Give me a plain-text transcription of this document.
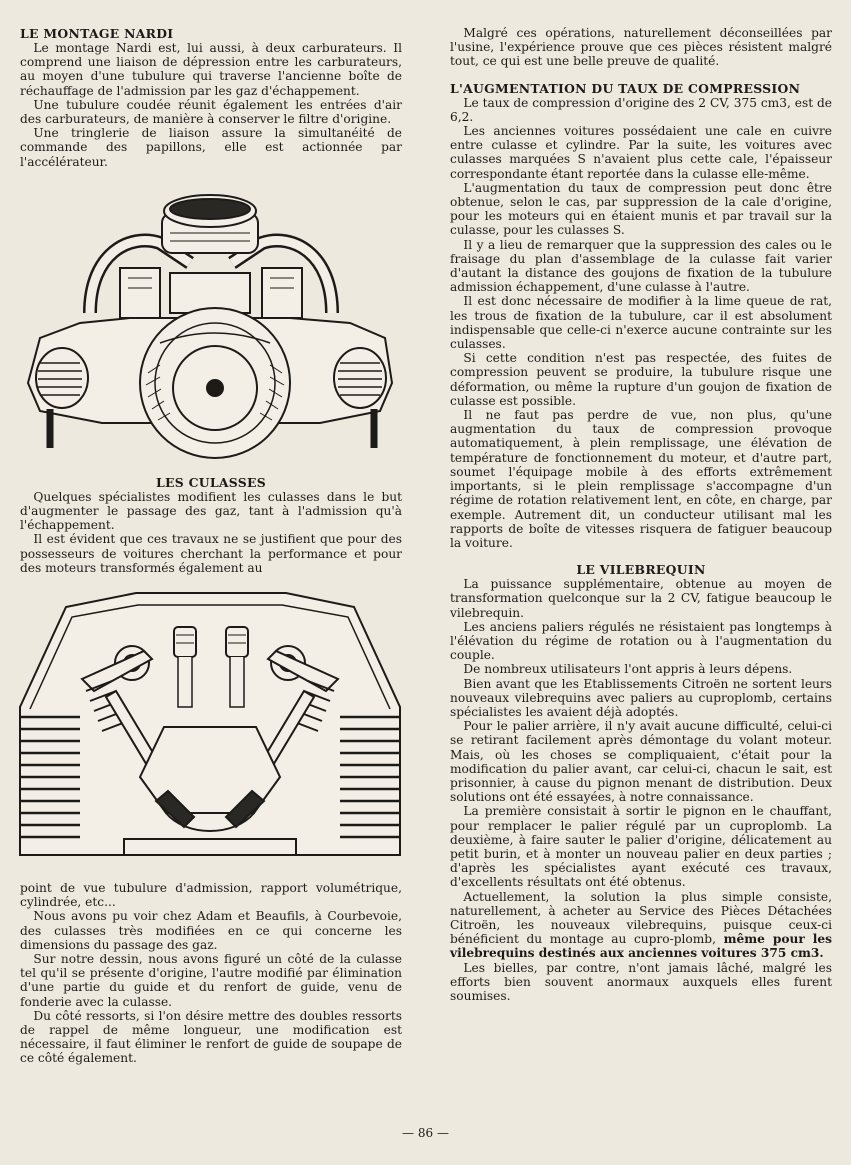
LE MONTAGE NARDI

Le montage Nardi est, lui aussi, à deux carburateurs. Il comprend une liaison de dépression entre les carburateurs, au moyen d'une tubulure qui traverse l'ancienne boîte de réchauffage de l'admission par les gaz d'échappement.

Une tubulure coudée réunit également les entrées d'air des carburateurs, de manière à conserver le filtre d'origine.

Une tringlerie de liaison assure la simultanéité de commande des papillons, elle est actionnée par l'accélérateur.

LES CULASSES

Quelques spécialistes modifient les culasses dans le but d'augmenter le passage des gaz, tant à l'admission qu'à l'échappement.

Il est évident que ces travaux ne se justifient que pour des possesseurs de voitures cherchant la performance et pour des moteurs transformés également au

point de vue tubulure d'admission, rapport volumétrique, cylindrée, etc...

Nous avons pu voir chez Adam et Beaufils, à Courbevoie, des culasses très modifiées en ce qui concerne les dimensions du passage des gaz.

Sur notre dessin, nous avons figuré un côté de la culasse tel qu'il se présente d'origine, l'autre modifié par élimination d'une partie du guide et du renfort de guide, venu de fonderie avec la culasse.

Du côté ressorts, si l'on désire mettre des doubles ressorts de rappel de même longueur, une modification est nécessaire, il faut éliminer le renfort de guide de soupape de ce côté également.

Malgré ces opérations, naturellement déconseillées par l'usine, l'expérience prouve que ces pièces résistent malgré tout, ce qui est une belle preuve de qualité.

L'AUGMENTATION DU TAUX DE COMPRESSION

Le taux de compression d'origine des 2 CV, 375 cm3, est de 6,2.

Les anciennes voitures possédaient une cale en cuivre entre culasse et cylindre. Par la suite, les voitures avec culasses marquées S n'avaient plus cette cale, l'épaisseur correspondante étant reportée dans la culasse elle-même.

L'augmentation du taux de compression peut donc être obtenue, selon le cas, par suppression de la cale d'origine, pour les moteurs qui en étaient munis et par travail sur la culasse, pour les culasses S.

Il y a lieu de remarquer que la suppression des cales ou le fraisage du plan d'assemblage de la culasse fait varier d'autant la distance des goujons de fixation de la tubulure admission échappement, d'une culasse à l'autre.

Il est donc nécessaire de modifier à la lime queue de rat, les trous de fixation de la tubulure, car il est absolument indispensable que celle-ci n'exerce aucune contrainte sur les culasses.

Si cette condition n'est pas respectée, des fuites de compression peuvent se produire, la tubulure risque une déformation, ou même la rupture d'un goujon de fixation de culasse est possible.

Il ne faut pas perdre de vue, non plus, qu'une augmentation du taux de compression provoque automatiquement, à plein remplissage, une élévation de température de fonctionnement du moteur, et d'autre part, soumet l'équipage mobile à des efforts extrêmement importants, si le plein remplissage s'accompagne d'un régime de rotation relativement lent, en côte, en charge, par exemple. Autrement dit, un conducteur utilisant mal les rapports de boîte de vitesses risquera de fatiguer beaucoup la voiture.

LE VILEBREQUIN

La puissance supplémentaire, obtenue au moyen de transformation quelconque sur la 2 CV, fatigue beaucoup le vilebrequin.

Les anciens paliers régulés ne résistaient pas longtemps à l'élévation du régime de rotation ou à l'augmentation du couple.

De nombreux utilisateurs l'ont appris à leurs dépens.

Bien avant que les Etablissements Citroën ne sortent leurs nouveaux vilebrequins avec paliers au cuproplomb, certains spécialistes les avaient déjà adoptés.

Pour le palier arrière, il n'y avait aucune difficulté, celui-ci se retirant facilement après démontage du volant moteur. Mais, où les choses se compliquaient, c'était pour la modification du palier avant, car celui-ci, chacun le sait, est prisonnier, à cause du pignon menant de distribution. Deux solutions ont été essayées, à notre connaissance.

La première consistait à sortir le pignon en le chauffant, pour remplacer le palier régulé par un cuproplomb. La deuxième, à faire sauter le palier d'origine, délicatement au petit burin, et à monter un nouveau palier en deux parties ; d'après les spécialistes ayant exécuté ces travaux, d'excellents résultats ont été obtenus.

Actuellement, la solution la plus simple consiste, naturellement, à acheter au Service des Pièces Détachées Citroën, les nouveaux vilebrequins, puisque ceux-ci bénéficient du montage au cupro-plomb, même pour les vilebrequins destinés aux anciennes voitures 375 cm3.

Les bielles, par contre, n'ont jamais lâché, malgré les efforts bien souvent anormaux auxquels elles furent soumises.

— 86 —
